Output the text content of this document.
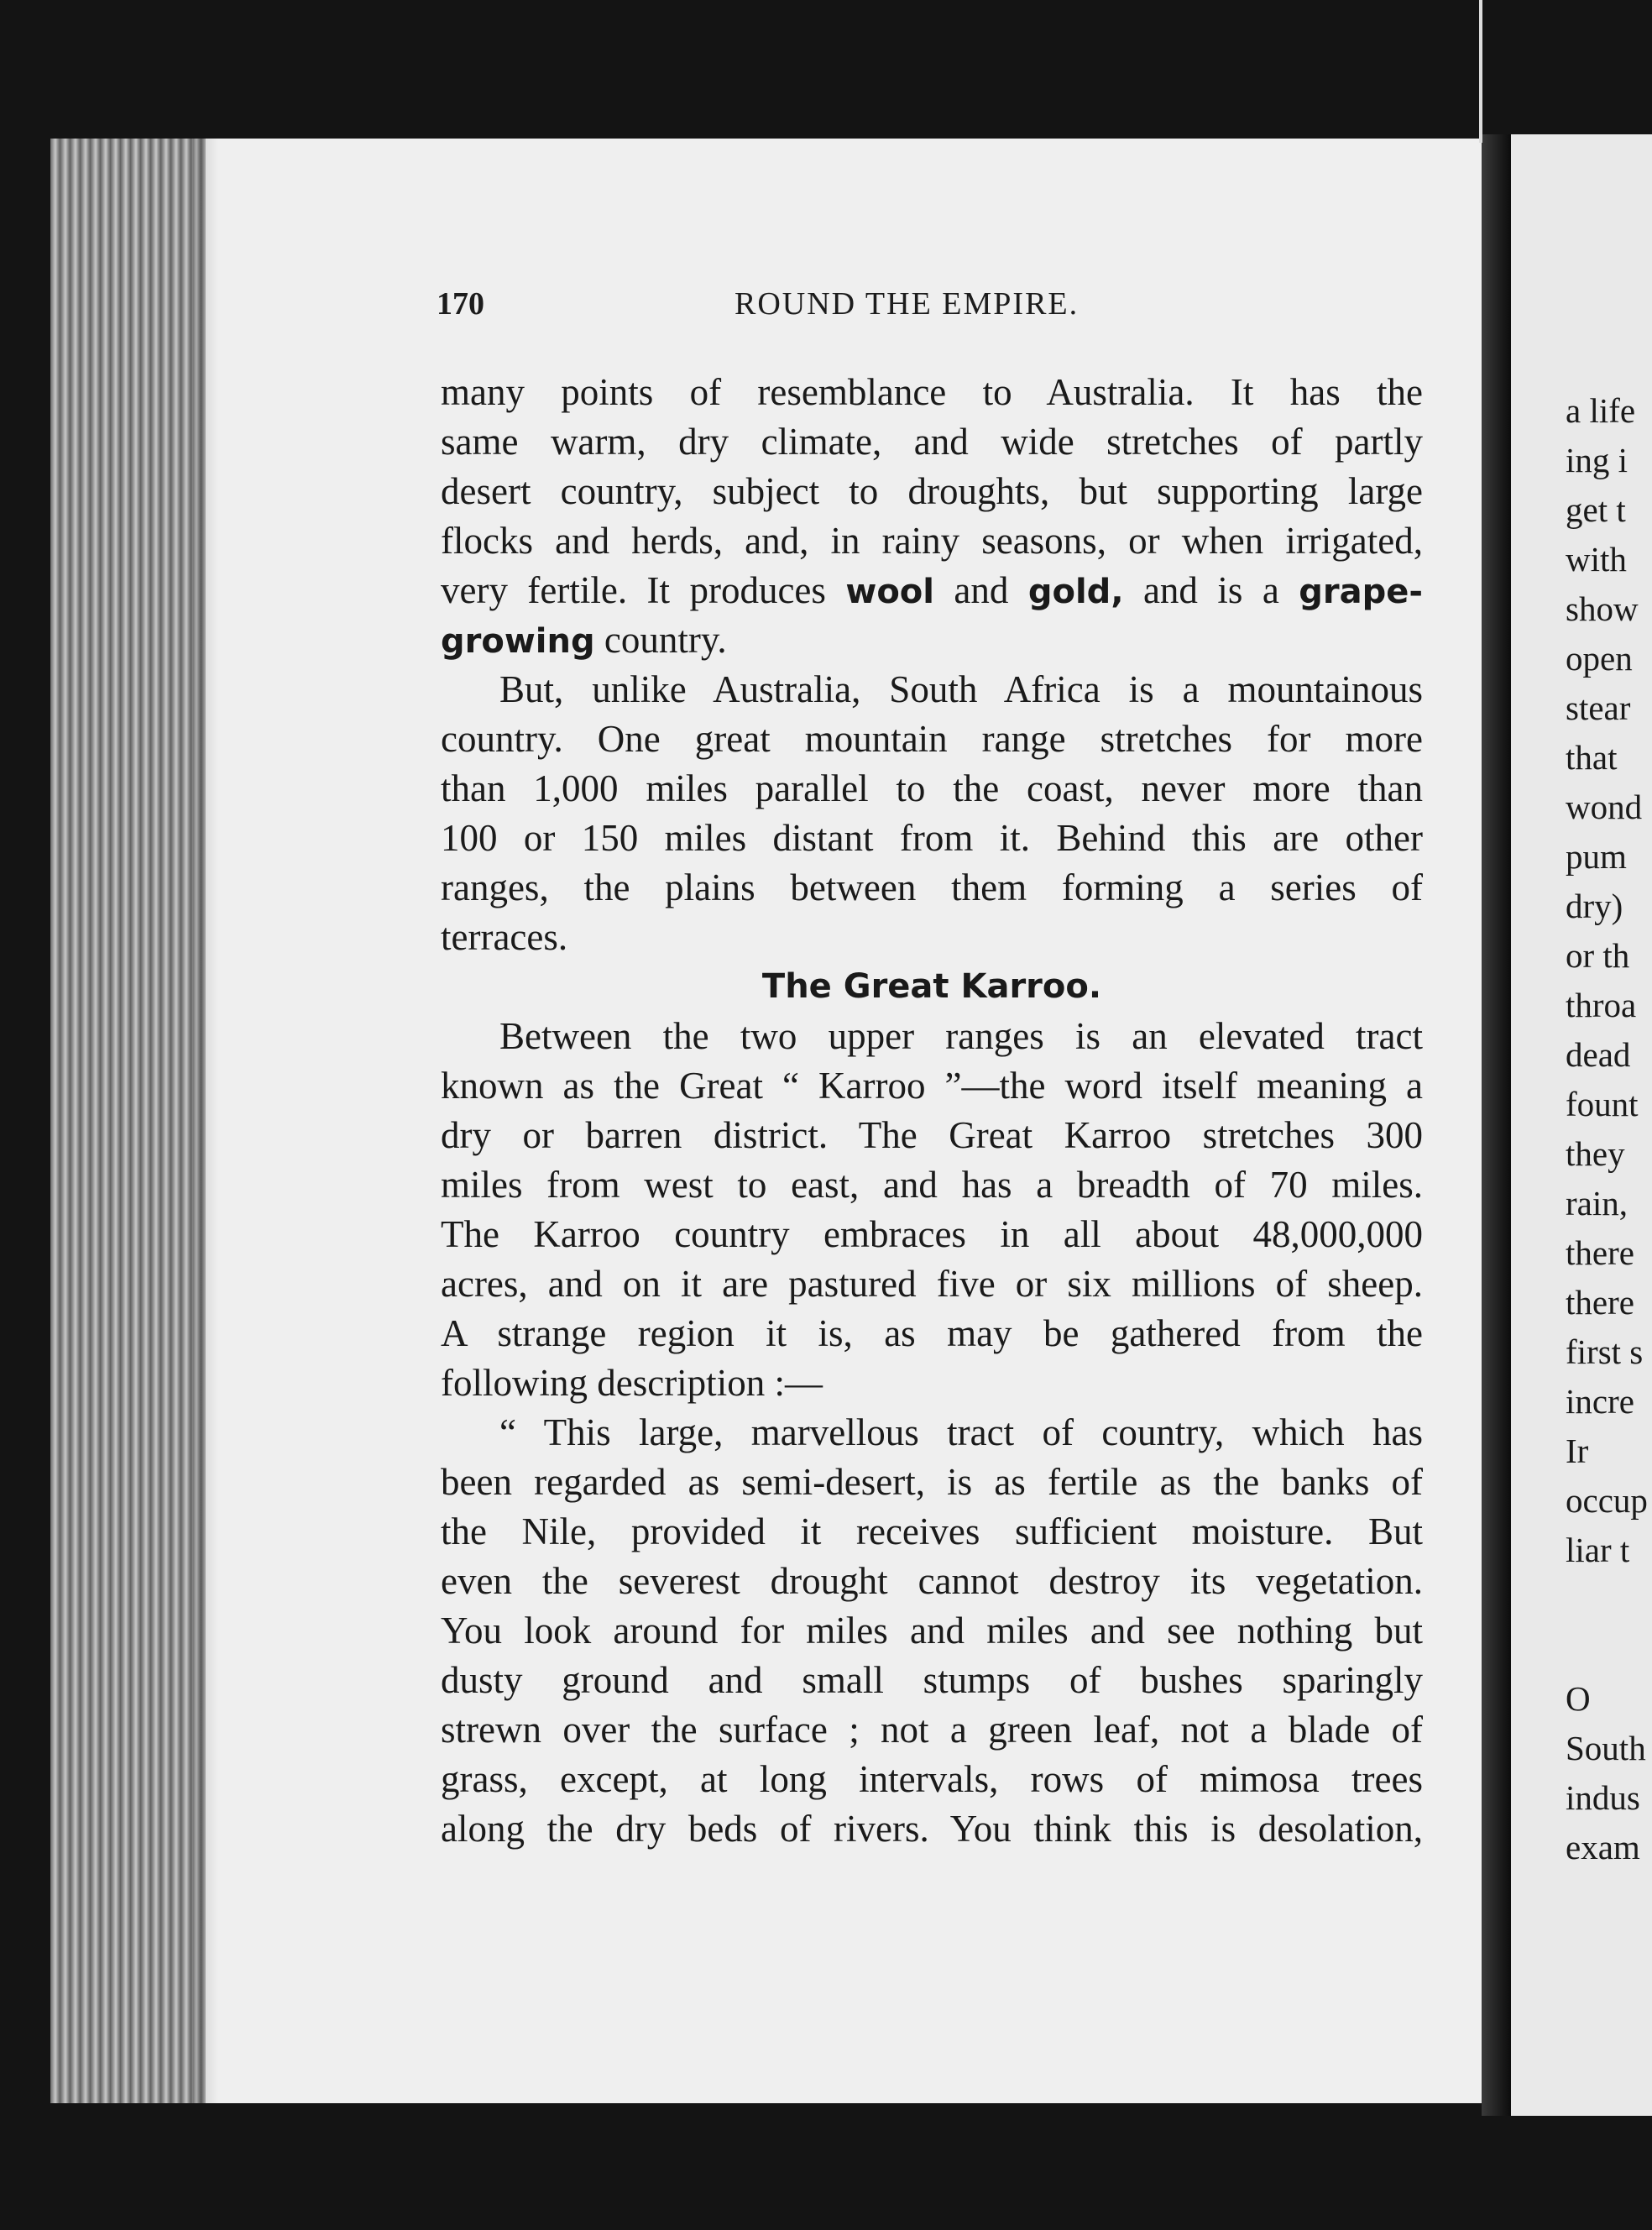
170	ROUND THE EMPIRE.
many points of resemblance to Australia. It has the
same warm, dry climate, and wide stretches of partly
desert country, subject to droughts, but supporting large
flocks and herds, and, in rainy seasons, or when irrigated,
very fertile. It produces wool and gold, and is a grape-
growing country.
But, unlike Australia, South Africa is a mountainous
country. One great mountain range stretches for more
than 1,000 miles parallel to the coast, never more than
100 or 150 miles distant from it. Behind this are other
ranges, the plains between them forming a series of
terraces.
The Great Karroo.
Between the two upper ranges is an elevated tract
known as the Great “ Karroo ”—the word itself meaning a
dry or barren district. The Great Karroo stretches 300
miles from west to east, and has a breadth of 70 miles.
The Karroo country embraces in all about 48,000,000
acres, and on it are pastured five or six millions of sheep.
A strange region it is, as may be gathered from the
following description :—
“ This large, marvellous tract of country, which has
been regarded as semi-desert, is as fertile as the banks of
the Nile, provided it receives sufficient moisture. But
even the severest drought cannot destroy its vegetation.
You look around for miles and miles and see nothing but
dusty ground and small stumps of bushes sparingly
strewn over the surface ; not a green leaf, not a blade of
grass, except, at long intervals, rows of mimosa trees
along the dry beds of rivers. You think this is desolation,
a life
ing i
get t
with
show
open
stear
that
wond
pum
dry)
or th
throa
dead
fount
they
rain,
there
there
first s
incre
Ir
occup
liar t
O
South
indus
exam
